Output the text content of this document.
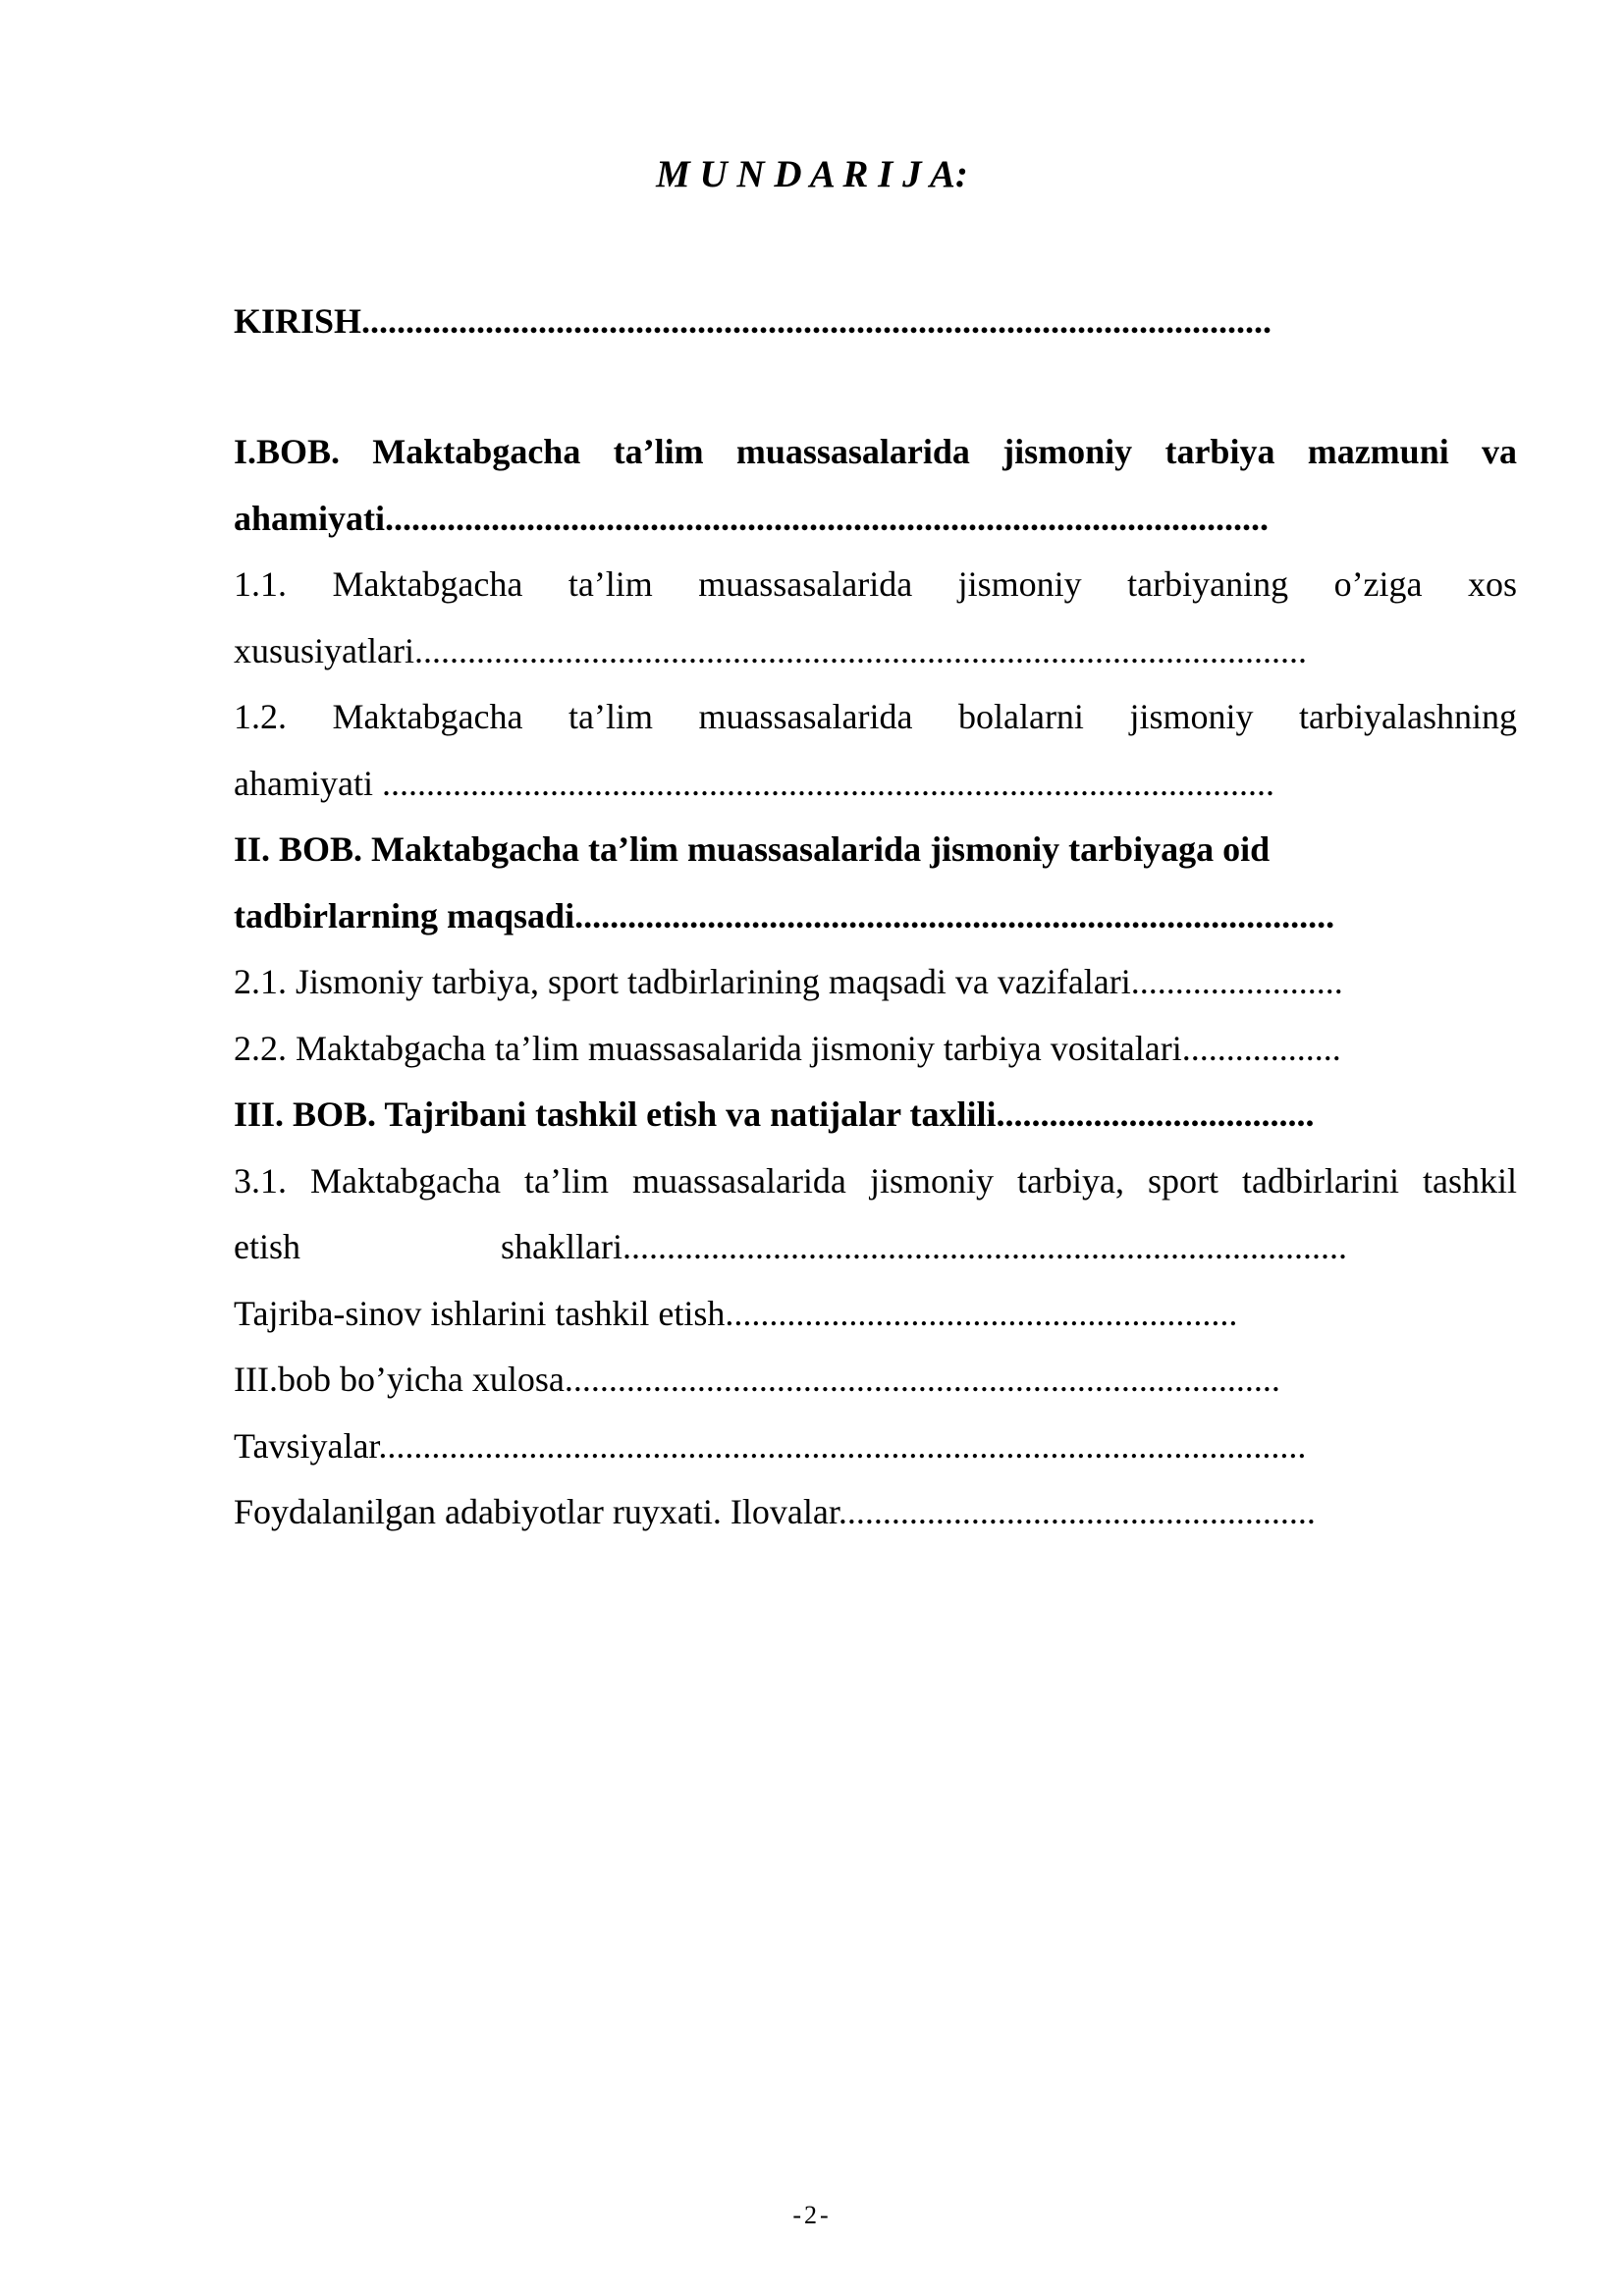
M U N D A R I J A:
KIRISH.......................................................................................................
I.BOB. Maktabgacha ta’lim muassasalarida jismoniy tarbiya mazmuni va
ahamiyati....................................................................................................
1.1. Maktabgacha ta’lim muassasalarida jismoniy tarbiyaning o’ziga xos
xususiyatlari.....................................................................................................
1.2. Maktabgacha ta’lim muassasalarida bolalarni jismoniy tarbiyalashning
ahamiyati .....................................................................................................
II. BOB. Maktabgacha ta’lim muassasalarida jismoniy tarbiyaga oid
tadbirlarning maqsadi......................................................................................
2.1. Jismoniy tarbiya, sport tadbirlarining maqsadi va vazifalari........................
2.2. Maktabgacha ta’lim muassasalarida jismoniy tarbiya vositalari..................
III. BOB. Tajribani tashkil etish va natijalar taxlili....................................
3.1. Maktabgacha ta’lim muassasalarida jismoniy tarbiya, sport tadbirlarini tashkil
etish	shakllari..................................................................................
Tajriba-sinov ishlarini tashkil etish..........................................................
III.bob bo’yicha xulosa.................................................................................
Tavsiyalar.........................................................................................................
Foydalanilgan adabiyotlar ruyxati. Ilovalar......................................................
-2-
